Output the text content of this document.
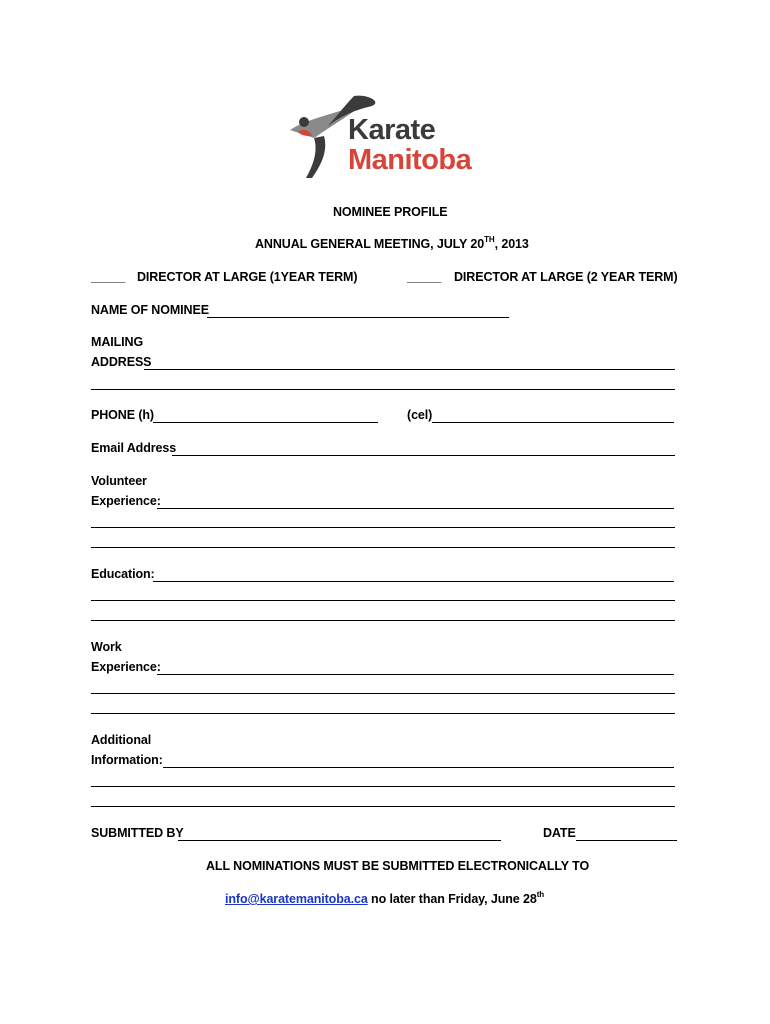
Karate
Manitoba
NOMINEE PROFILE
ANNUAL GENERAL MEETING, JULY 20TH, 2013
_____ DIRECTOR AT LARGE (1YEAR TERM)	_____ DIRECTOR AT LARGE (2 YEAR TERM)
NAME OF NOMINEE
MAILING
ADDRESS
PHONE (h)	(cel)
Email Address
Volunteer
Experience:
Education:
Work
Experience:
Additional
Information:
SUBMITTED BY	DATE
ALL NOMINATIONS MUST BE SUBMITTED ELECTRONICALLY TO
info@karatemanitoba.ca no later than Friday, June 28th
